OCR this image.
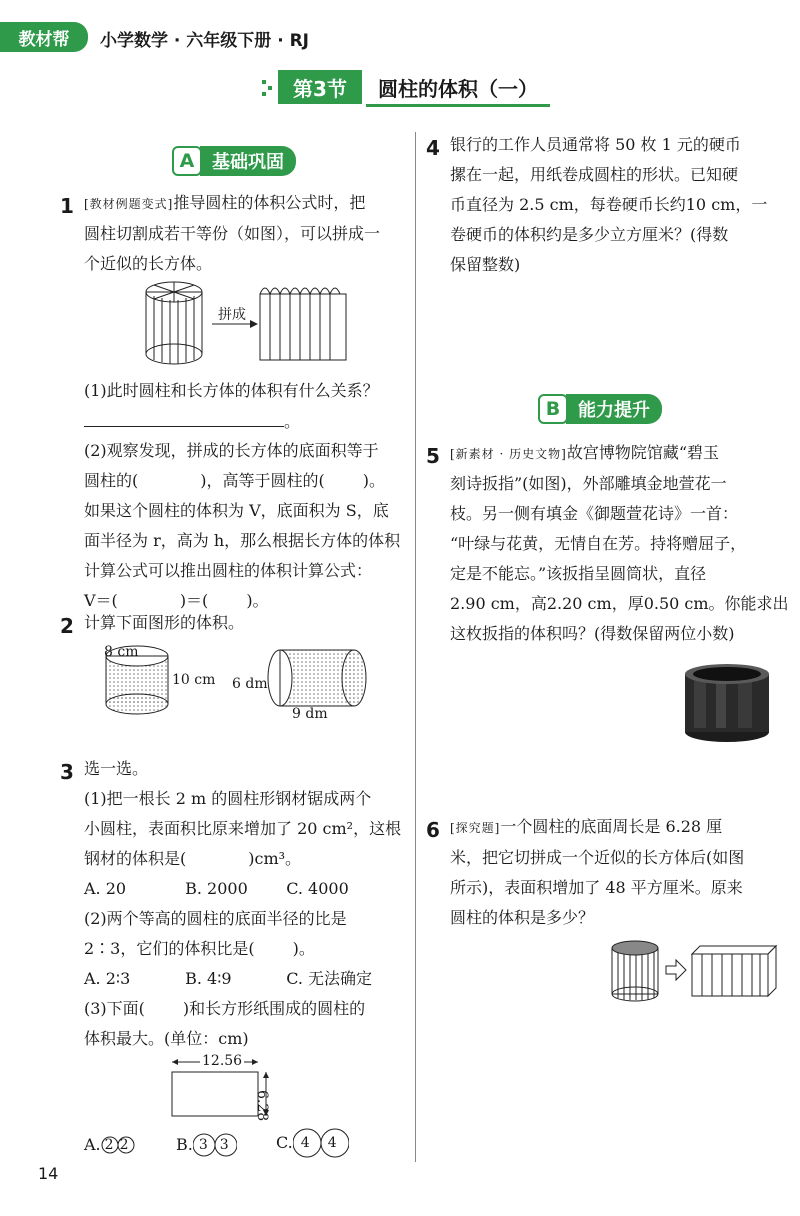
教材帮	小学数学 · 六年级下册 · RJ
第3节	圆柱的体积（一）
A 基础巩固
1 [教材例题变式]推导圆柱的体积公式时，把
圆柱切割成若干等份（如图），可以拼成一
个近似的长方体。
拼成
(1)此时圆柱和长方体的体积有什么关系？
。
(2)观察发现，拼成的长方体的底面积等于
圆柱的(	)，高等于圆柱的( )。
如果这个圆柱的体积为 V，底面积为 S，底
面半径为 r，高为 h，那么根据长方体的体积
计算公式可以推出圆柱的体积计算公式：
V＝(	)＝( )。
2 计算下面图形的体积。
8 cm
10 cm 6 dm
9 dm
3 选一选。
(1)把一根长 2 m 的圆柱形钢材锯成两个
小圆柱，表面积比原来增加了 20 cm²，这根
钢材的体积是(	)cm³。
A. 20	B. 2000 C. 4000
(2)两个等高的圆柱的底面半径的比是
2∶3，它们的体积比是( )。
A. 2∶3	B. 4∶9	C. 无法确定
(3)下面( )和长方形纸围成的圆柱的
体积最大。(单位：cm)
12.56
6.28
A. 2 2	B. 3 3	C. 4 4
4 银行的工作人员通常将 50 枚 1 元的硬币
摞在一起，用纸卷成圆柱的形状。已知硬
币直径为 2.5 cm，每卷硬币长约10 cm，一
卷硬币的体积约是多少立方厘米？(得数
保留整数)
B 能力提升
5 [新素材 · 历史文物]故宫博物院馆藏“碧玉
刻诗扳指”(如图)，外部雕填金地萱花一
枝。另一侧有填金《御题萱花诗》一首：
“叶绿与花黄，无情自在芳。持将赠屈子，
定是不能忘。”该扳指呈圆筒状，直径
2.90 cm，高2.20 cm，厚0.50 cm。你能求出
这枚扳指的体积吗？(得数保留两位小数)
6 [探究题]一个圆柱的底面周长是 6.28 厘
米，把它切拼成一个近似的长方体后(如图
所示)，表面积增加了 48 平方厘米。原来
圆柱的体积是多少？
14
